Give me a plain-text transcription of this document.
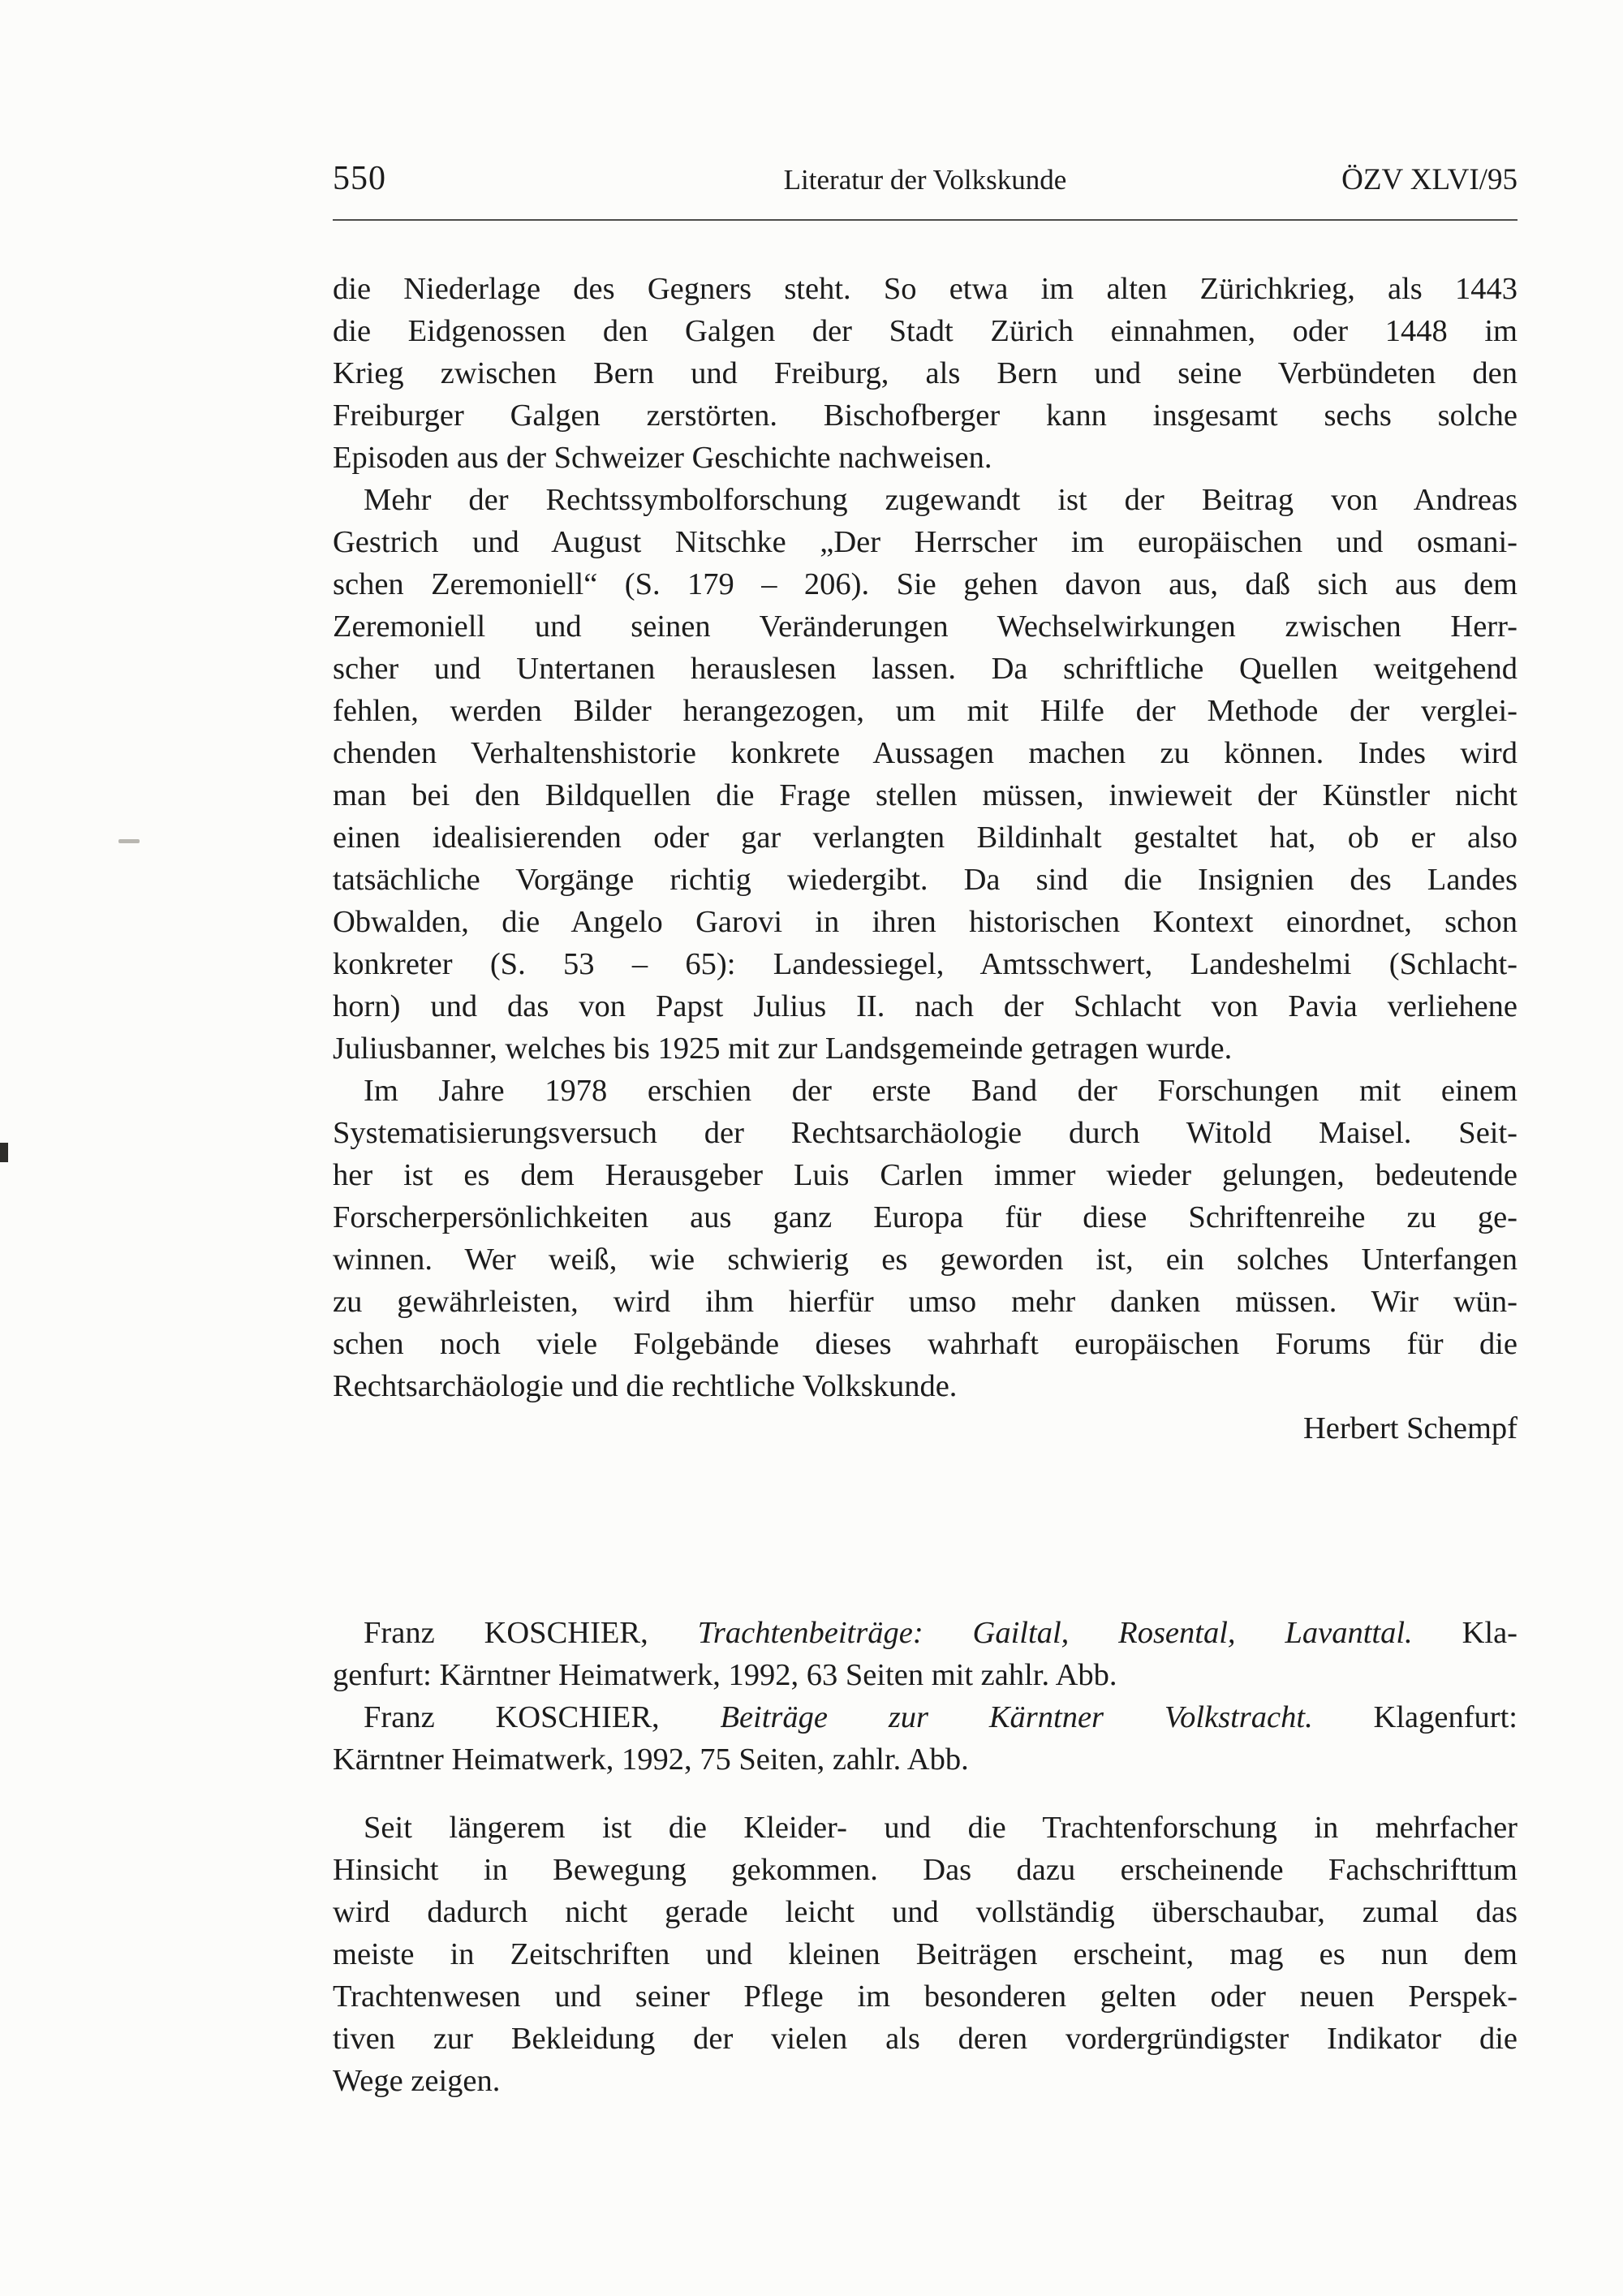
550	Literatur der Volkskunde	ÖZV XLVI/95
die Niederlage des Gegners steht. So etwa im alten Zürichkrieg, als 1443
die Eidgenossen den Galgen der Stadt Zürich einnahmen, oder 1448 im
Krieg zwischen Bern und Freiburg, als Bern und seine Verbündeten den
Freiburger Galgen zerstörten. Bischofberger kann insgesamt sechs solche
Episoden aus der Schweizer Geschichte nachweisen.
Mehr der Rechtssymbolforschung zugewandt ist der Beitrag von Andreas
Gestrich und August Nitschke „Der Herrscher im europäischen und osmani-
schen Zeremoniell“ (S. 179 – 206). Sie gehen davon aus, daß sich aus dem
Zeremoniell und seinen Veränderungen Wechselwirkungen zwischen Herr-
scher und Untertanen herauslesen lassen. Da schriftliche Quellen weitgehend
fehlen, werden Bilder herangezogen, um mit Hilfe der Methode der verglei-
chenden Verhaltenshistorie konkrete Aussagen machen zu können. Indes wird
man bei den Bildquellen die Frage stellen müssen, inwieweit der Künstler nicht
einen idealisierenden oder gar verlangten Bildinhalt gestaltet hat, ob er also
tatsächliche Vorgänge richtig wiedergibt. Da sind die Insignien des Landes
Obwalden, die Angelo Garovi in ihren historischen Kontext einordnet, schon
konkreter (S. 53 – 65): Landessiegel, Amtsschwert, Landeshelmi (Schlacht-
horn) und das von Papst Julius II. nach der Schlacht von Pavia verliehene
Juliusbanner, welches bis 1925 mit zur Landsgemeinde getragen wurde.
Im Jahre 1978 erschien der erste Band der Forschungen mit einem
Systematisierungsversuch der Rechtsarchäologie durch Witold Maisel. Seit-
her ist es dem Herausgeber Luis Carlen immer wieder gelungen, bedeutende
Forscherpersönlichkeiten aus ganz Europa für diese Schriftenreihe zu ge-
winnen. Wer weiß, wie schwierig es geworden ist, ein solches Unterfangen
zu gewährleisten, wird ihm hierfür umso mehr danken müssen. Wir wün-
schen noch viele Folgebände dieses wahrhaft europäischen Forums für die
Rechtsarchäologie und die rechtliche Volkskunde.
Herbert Schempf
Franz KOSCHIER, Trachtenbeiträge: Gailtal, Rosental, Lavanttal. Kla-
genfurt: Kärntner Heimatwerk, 1992, 63 Seiten mit zahlr. Abb.
Franz KOSCHIER, Beiträge zur Kärntner Volkstracht. Klagenfurt:
Kärntner Heimatwerk, 1992, 75 Seiten, zahlr. Abb.
Seit längerem ist die Kleider- und die Trachtenforschung in mehrfacher
Hinsicht in Bewegung gekommen. Das dazu erscheinende Fachschrifttum
wird dadurch nicht gerade leicht und vollständig überschaubar, zumal das
meiste in Zeitschriften und kleinen Beiträgen erscheint, mag es nun dem
Trachtenwesen und seiner Pflege im besonderen gelten oder neuen Perspek-
tiven zur Bekleidung der vielen als deren vordergründigster Indikator die
Wege zeigen.
